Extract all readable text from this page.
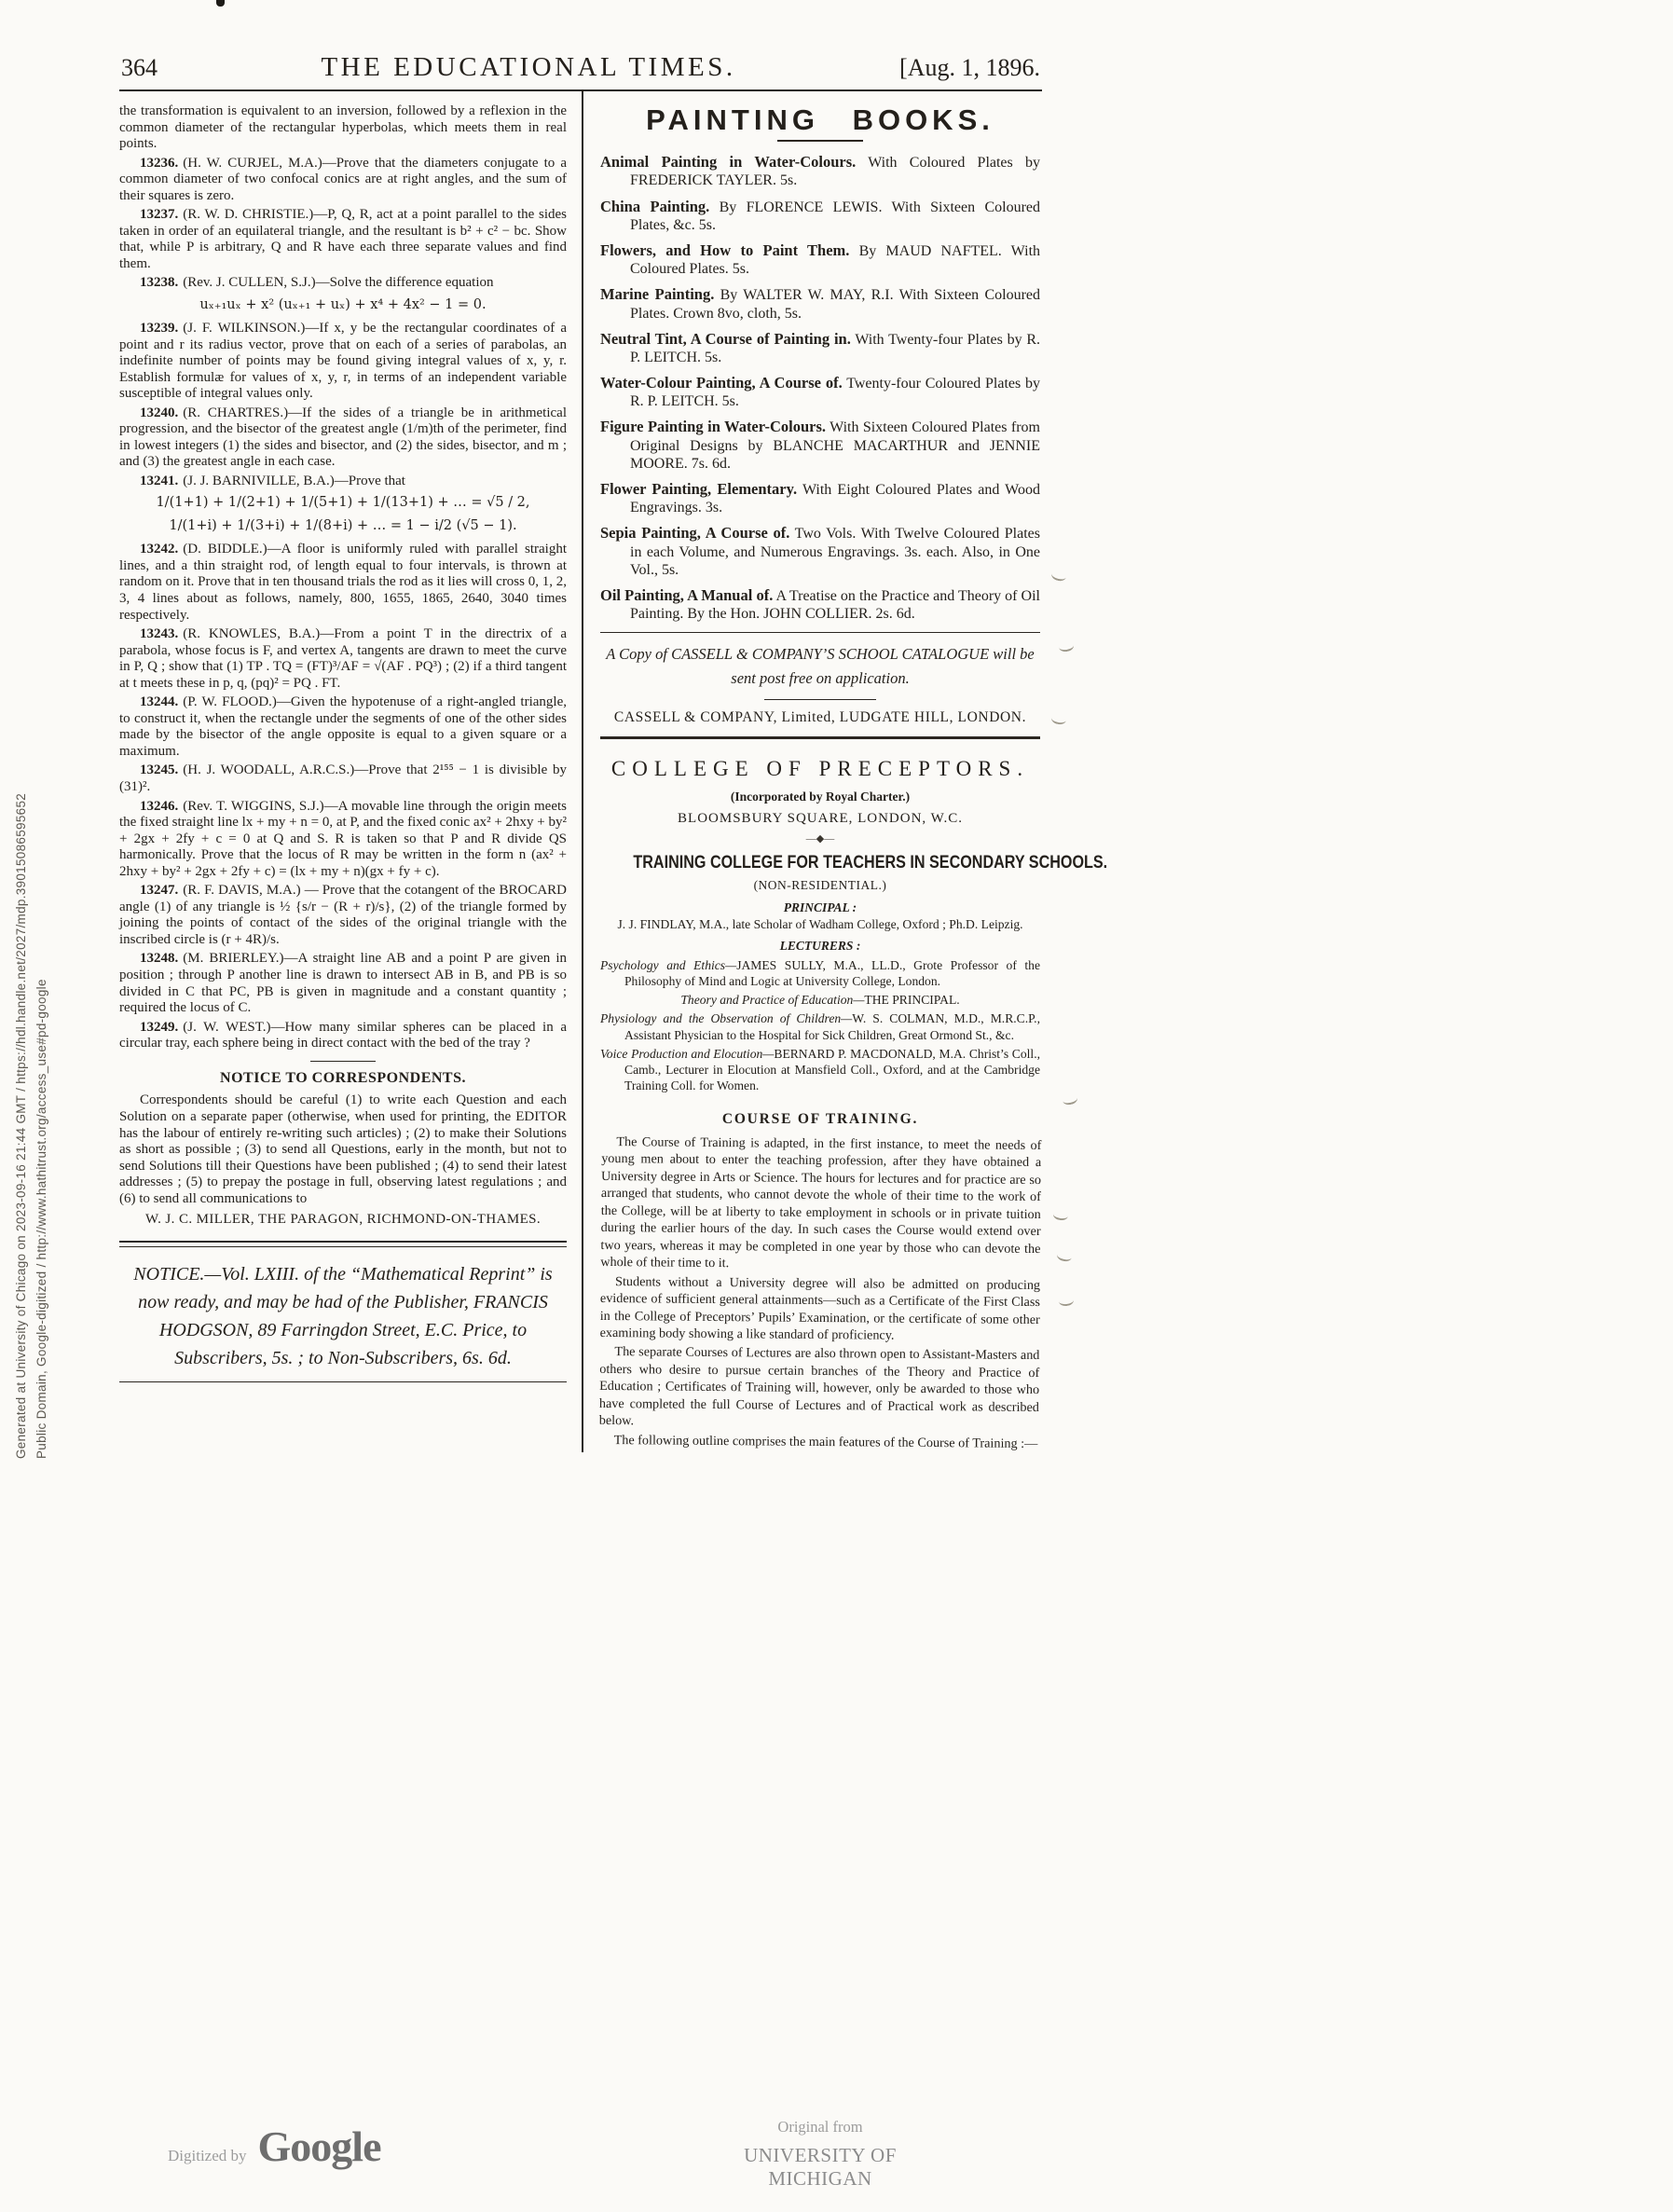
Generated at University of Chicago on 2023-09-16 21:44 GMT / https://hdl.handle.net/2027/mdp.39015086595652 Public Domain, Google-digitized / http://www.hathitrust.org/access_use#pd-google
364	THE EDUCATIONAL TIMES.	[Aug. 1, 1896.

the transformation is equivalent to an inversion, followed by a reflexion in the common diameter of the rectangular hyperbolas, which meets them in real points.

13236. (H. W. CURJEL, M.A.)—Prove that the diameters conjugate to a common diameter of two confocal conics are at right angles, and the sum of their squares is zero.

13237. (R. W. D. CHRISTIE.)—P, Q, R, act at a point parallel to the sides taken in order of an equilateral triangle, and the resultant is b² + c² − bc. Show that, while P is arbitrary, Q and R have each three separate values and find them.

13238. (Rev. J. CULLEN, S.J.)—Solve the difference equation

uₓ₊₁uₓ + x² (uₓ₊₁ + uₓ) + x⁴ + 4x² − 1 = 0.

13239. (J. F. WILKINSON.)—If x, y be the rectangular coordinates of a point and r its radius vector, prove that on each of a series of parabolas, an indefinite number of points may be found giving integral values of x, y, r. Establish formulæ for values of x, y, r, in terms of an independent variable susceptible of integral values only.

13240. (R. CHARTRES.)—If the sides of a triangle be in arithmetical progression, and the bisector of the greatest angle (1/m)th of the perimeter, find in lowest integers (1) the sides and bisector, and (2) the sides, bisector, and m ; and (3) the greatest angle in each case.

13241. (J. J. BARNIVILLE, B.A.)—Prove that

1/(1+1) + 1/(2+1) + 1/(5+1) + 1/(13+1) + … = √5 / 2,

1/(1+i) + 1/(3+i) + 1/(8+i) + … = 1 − i/2 (√5 − 1).

13242. (D. BIDDLE.)—A floor is uniformly ruled with parallel straight lines, and a thin straight rod, of length equal to four intervals, is thrown at random on it. Prove that in ten thousand trials the rod as it lies will cross 0, 1, 2, 3, 4 lines about as follows, namely, 800, 1655, 1865, 2640, 3040 times respectively.

13243. (R. KNOWLES, B.A.)—From a point T in the directrix of a parabola, whose focus is F, and vertex A, tangents are drawn to meet the curve in P, Q ; show that (1) TP . TQ = (FT)³/AF = √(AF . PQ³) ; (2) if a third tangent at t meets these in p, q, (pq)² = PQ . FT.

13244. (P. W. FLOOD.)—Given the hypotenuse of a right-angled triangle, to construct it, when the rectangle under the segments of one of the other sides made by the bisector of the angle opposite is equal to a given square or a maximum.

13245. (H. J. WOODALL, A.R.C.S.)—Prove that 2¹⁵⁵ − 1 is divisible by (31)².

13246. (Rev. T. WIGGINS, S.J.)—A movable line through the origin meets the fixed straight line lx + my + n = 0, at P, and the fixed conic ax² + 2hxy + by² + 2gx + 2fy + c = 0 at Q and S. R is taken so that P and R divide QS harmonically. Prove that the locus of R may be written in the form n (ax² + 2hxy + by² + 2gx + 2fy + c) = (lx + my + n)(gx + fy + c).

13247. (R. F. DAVIS, M.A.) — Prove that the cotangent of the BROCARD angle (1) of any triangle is ½ {s/r − (R + r)/s}, (2) of the triangle formed by joining the points of contact of the sides of the original triangle with the inscribed circle is (r + 4R)/s.

13248. (M. BRIERLEY.)—A straight line AB and a point P are given in position ; through P another line is drawn to intersect AB in B, and PB is so divided in C that PC, PB is given in magnitude and a constant quantity ; required the locus of C.

13249. (J. W. WEST.)—How many similar spheres can be placed in a circular tray, each sphere being in direct contact with the bed of the tray ?

NOTICE TO CORRESPONDENTS.

Correspondents should be careful (1) to write each Question and each Solution on a separate paper (otherwise, when used for printing, the EDITOR has the labour of entirely re-writing such articles) ; (2) to make their Solutions as short as possible ; (3) to send all Questions, early in the month, but not to send Solutions till their Questions have been published ; (4) to send their latest addresses ; (5) to prepay the postage in full, observing latest regulations ; and (6) to send all communications to

W. J. C. MILLER, THE PARAGON, RICHMOND-ON-THAMES.

NOTICE.—Vol. LXIII. of the “Mathematical Reprint” is now ready, and may be had of the Publisher, FRANCIS HODGSON, 89 Farringdon Street, E.C. Price, to Subscribers, 5s. ; to Non-Subscribers, 6s. 6d.

PAINTING BOOKS.

Animal Painting in Water-Colours. With Coloured Plates by FREDERICK TAYLER. 5s.

China Painting. By FLORENCE LEWIS. With Sixteen Coloured Plates, &c. 5s.

Flowers, and How to Paint Them. By MAUD NAFTEL. With Coloured Plates. 5s.

Marine Painting. By WALTER W. MAY, R.I. With Sixteen Coloured Plates. Crown 8vo, cloth, 5s.

Neutral Tint, A Course of Painting in. With Twenty-four Plates by R. P. LEITCH. 5s.

Water-Colour Painting, A Course of. Twenty-four Coloured Plates by R. P. LEITCH. 5s.

Figure Painting in Water-Colours. With Sixteen Coloured Plates from Original Designs by BLANCHE MACARTHUR and JENNIE MOORE. 7s. 6d.

Flower Painting, Elementary. With Eight Coloured Plates and Wood Engravings. 3s.

Sepia Painting, A Course of. Two Vols. With Twelve Coloured Plates in each Volume, and Numerous Engravings. 3s. each. Also, in One Vol., 5s.

Oil Painting, A Manual of. A Treatise on the Practice and Theory of Oil Painting. By the Hon. JOHN COLLIER. 2s. 6d.

A Copy of CASSELL & COMPANY’S SCHOOL CATALOGUE will be sent post free on application.

CASSELL & COMPANY, Limited, LUDGATE HILL, LONDON.

COLLEGE OF PRECEPTORS.

(Incorporated by Royal Charter.)

BLOOMSBURY SQUARE, LONDON, W.C.

—◆—
TRAINING COLLEGE FOR TEACHERS IN SECONDARY SCHOOLS.

(NON-RESIDENTIAL.)

PRINCIPAL :

J. J. FINDLAY, M.A., late Scholar of Wadham College, Oxford ; Ph.D. Leipzig.

LECTURERS :

Psychology and Ethics—JAMES SULLY, M.A., LL.D., Grote Professor of the Philosophy of Mind and Logic at University College, London.

Theory and Practice of Education—THE PRINCIPAL.

Physiology and the Observation of Children—W. S. COLMAN, M.D., M.R.C.P., Assistant Physician to the Hospital for Sick Children, Great Ormond St., &c.

Voice Production and Elocution—BERNARD P. MACDONALD, M.A. Christ’s Coll., Camb., Lecturer in Elocution at Mansfield Coll., Oxford, and at the Cambridge Training Coll. for Women.

COURSE OF TRAINING.

The Course of Training is adapted, in the first instance, to meet the needs of young men about to enter the teaching profession, after they have obtained a University degree in Arts or Science. The hours for lectures and for practice are so arranged that students, who cannot devote the whole of their time to the work of the College, will be at liberty to take employment in schools or in private tuition during the earlier hours of the day. In such cases the Course would extend over two years, whereas it may be completed in one year by those who can devote the whole of their time to it.

Students without a University degree will also be admitted on producing evidence of sufficient general attainments—such as a Certificate of the First Class in the College of Preceptors’ Pupils’ Examination, or the certificate of some other examining body showing a like standard of proficiency.

The separate Courses of Lectures are also thrown open to Assistant-Masters and others who desire to pursue certain branches of the Theory and Practice of Education ; Certificates of Training will, however, only be awarded to those who have completed the full Course of Lectures and of Practical work as described below.

The following outline comprises the main features of the Course of Training :—

Digitized by Google	Original from
UNIVERSITY OF MICHIGAN
